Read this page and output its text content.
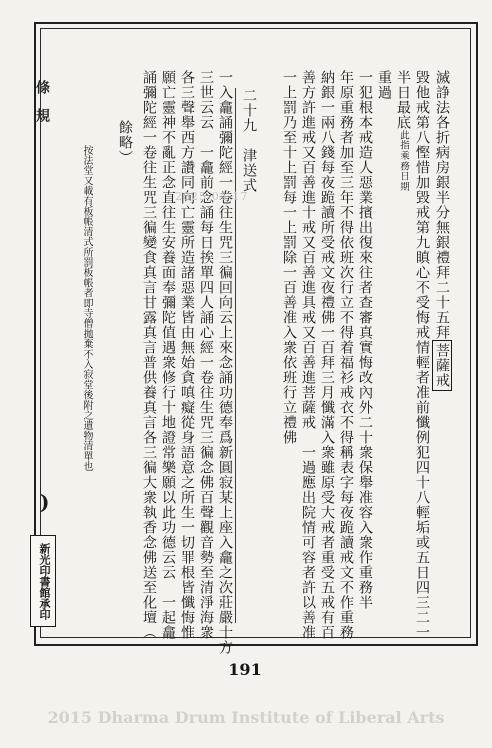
滅諍法各折病房銀半分無銀禮拜二十五拜菩薩戒
毀他戒第八慳惜加毀戒第九瞋心不受悔戒情輕者准前懺例犯四十八輕垢或五日四三二一
半日最底此指乘務日期
重過
一犯根本戒造人惡業擯出復來往者查審真實悔改內外二十衆保舉准容入衆作重務半
年原重務者加至三年不得依班次行立不得着福衫戒衣不得稱表字每夜跪讀戒文不作重務
納銀一兩八錢每夜跪讀所受戒文夜禮佛一百拜三月懺滿入衆雖原受大戒者重受五戒有百
善方許進戒又百善進十戒又百善進具戒又百善進菩薩戒　一過應出院情可容者許以善准
一上罰乃至十上罰每一上罰除一百善准入衆依班行立禮佛
二十九　津送式
一入龕誦彌陀經一卷往生咒三徧回向云上來念誦功德奉爲新圓寂某上座入龕之次莊嚴十方
三世云云　一龕前念誦每日挨單四人誦心經一卷往生咒三徧念佛百聲觀音勢至清淨海衆
各三聲舉西方讚同向亡靈所造諸惡業皆由無始貪嗔癡從身語意之所生一切罪根皆懺悔惟
願亡靈神不亂正念直往生安養面奉彌陀值遇衆修行十地證常樂願以此功德云云　一起龕
誦彌陀經一卷往生咒三徧變食真言甘露真言普供養真言各三徧大衆執香念佛送至化壇（
餘略）
按法堂又載有板帳清式所罰板帳者即寺僧拋棄不入寂堂後附之遺物清單也
條　規
)
新光印書館承印
191
2025-04-17
2015 Dharma Drum Institute of Liberal Arts
